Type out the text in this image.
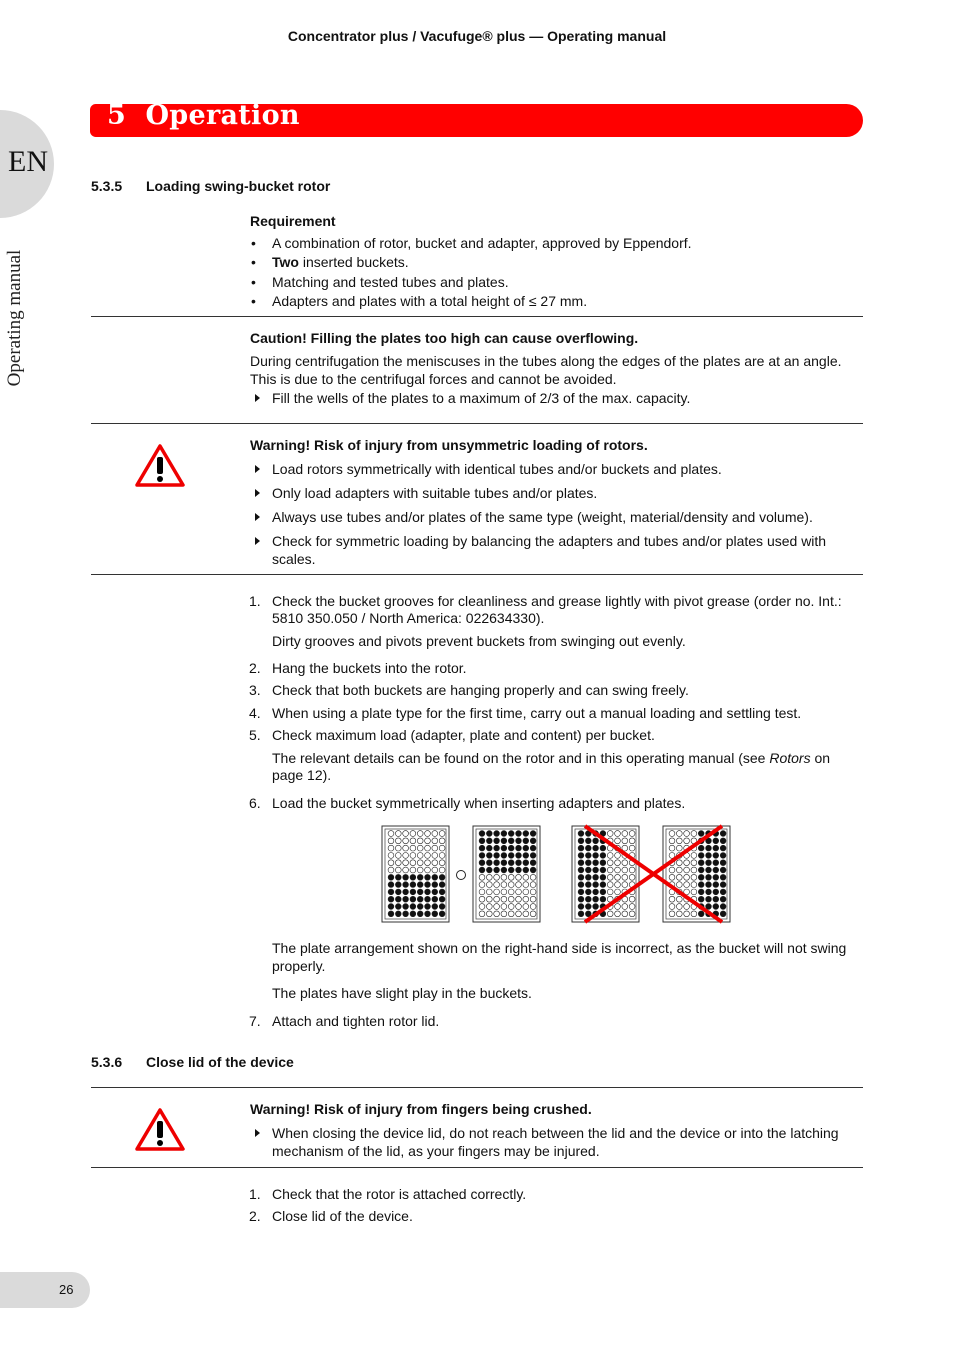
Concentrator plus / Vacufuge® plus — Operating manual
5  Operation
EN
Operating manual
5.3.5 Loading swing-bucket rotor
Requirement
• A combination of rotor, bucket and adapter, approved by Eppendorf.
• Two inserted buckets.
• Matching and tested tubes and plates.
• Adapters and plates with a total height of ≤ 27 mm.
Caution! Filling the plates too high can cause overflowing.
During centrifugation the meniscuses in the tubes along the edges of the plates are at an angle.
This is due to the centrifugal forces and cannot be avoided.
Fill the wells of the plates to a maximum of 2/3 of the max. capacity.
Warning! Risk of injury from unsymmetric loading of rotors.
Load rotors symmetrically with identical tubes and/or buckets and plates.
Only load adapters with suitable tubes and/or plates.
Always use tubes and/or plates of the same type (weight, material/density and volume).
Check for symmetric loading by balancing the adapters and tubes and/or plates used with
scales.
1. Check the bucket grooves for cleanliness and grease lightly with pivot grease (order no. Int.:
5810 350.050 / North America: 022634330).
Dirty grooves and pivots prevent buckets from swinging out evenly.
2. Hang the buckets into the rotor.
3. Check that both buckets are hanging properly and can swing freely.
4. When using a plate type for the first time, carry out a manual loading and settling test.
5. Check maximum load (adapter, plate and content) per bucket.
The relevant details can be found on the rotor and in this operating manual (see Rotors on
page 12).
6. Load the bucket symmetrically when inserting adapters and plates.
The plate arrangement shown on the right-hand side is incorrect, as the bucket will not swing
properly.
The plates have slight play in the buckets.
7. Attach and tighten rotor lid.
5.3.6 Close lid of the device
Warning! Risk of injury from fingers being crushed.
When closing the device lid, do not reach between the lid and the device or into the latching
mechanism of the lid, as your fingers may be injured.
1. Check that the rotor is attached correctly.
2. Close lid of the device.
26
